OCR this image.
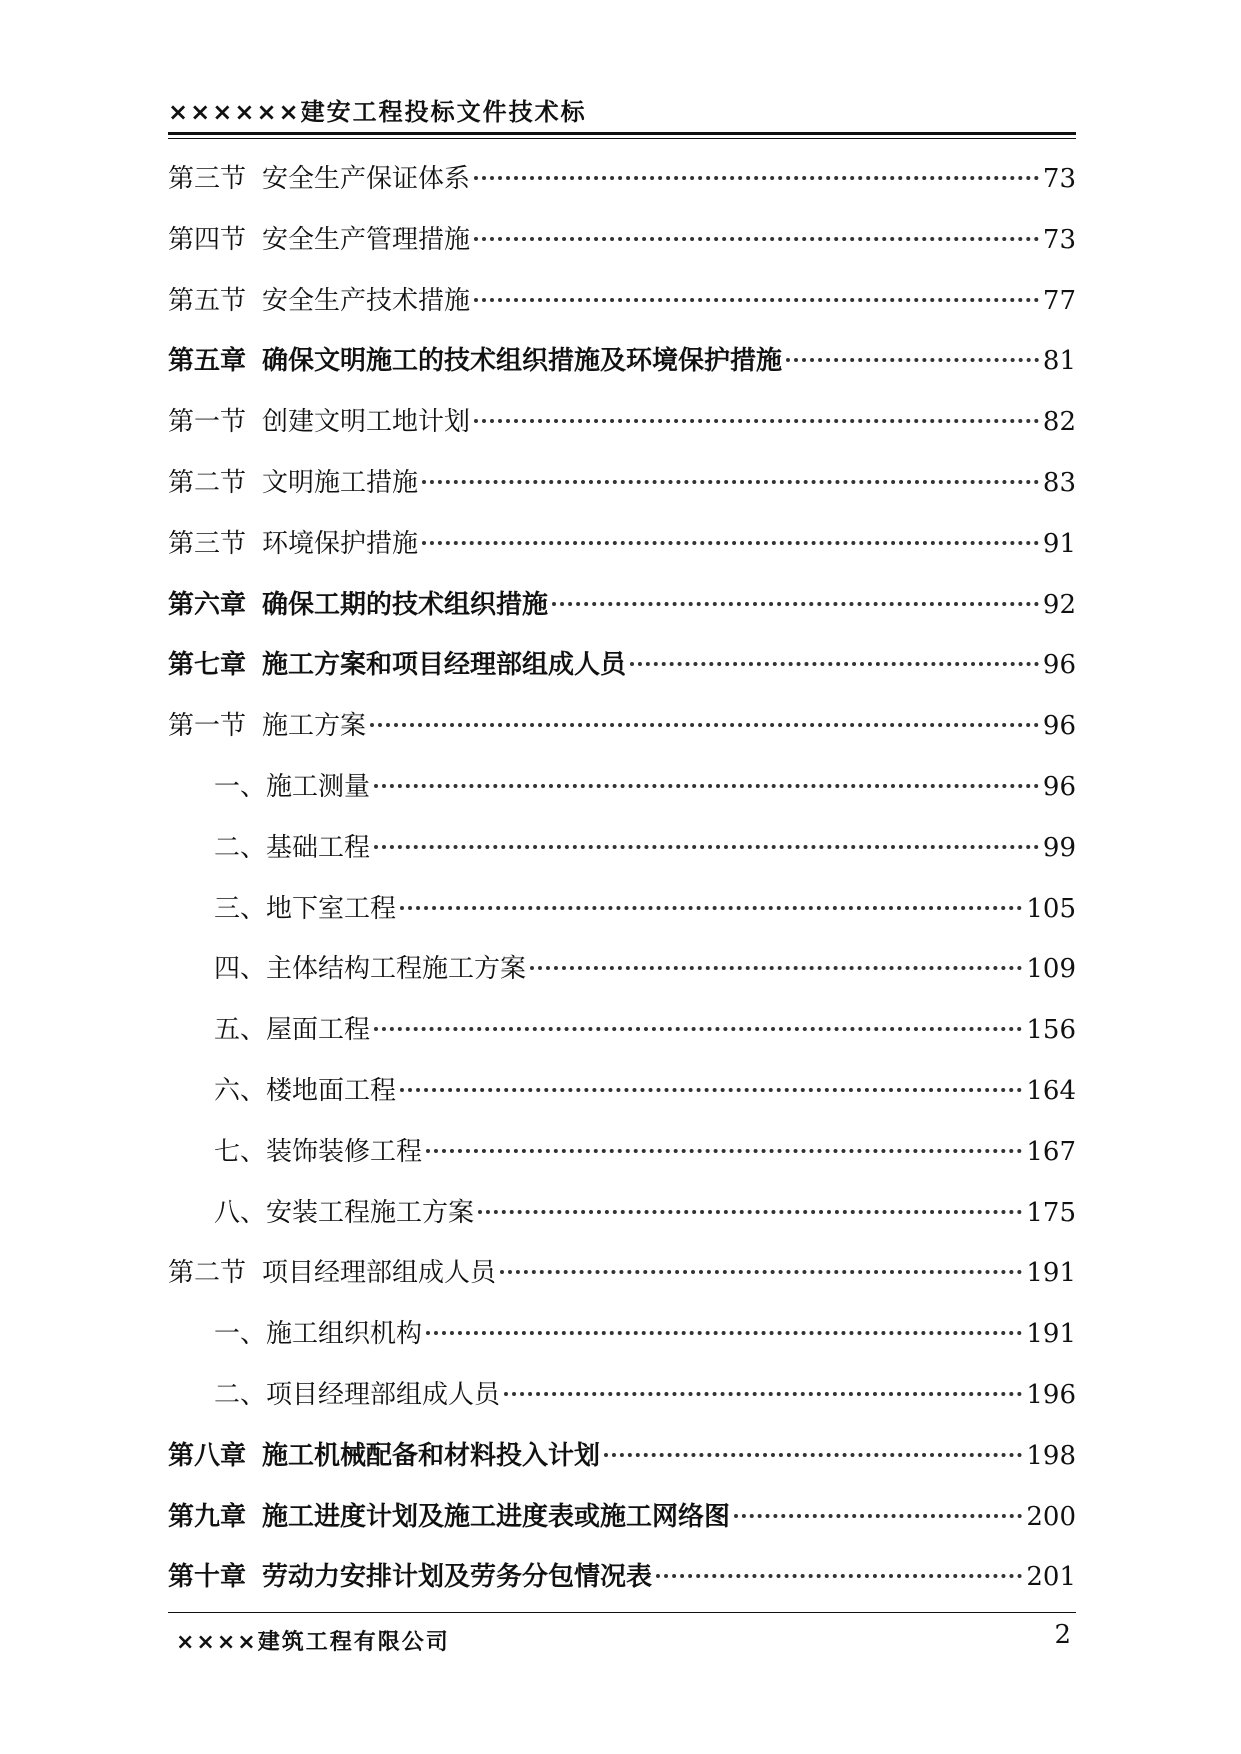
××××××建安工程投标文件技术标
第三节 安全生产保证体系	73
第四节 安全生产管理措施	73
第五节 安全生产技术措施	77
第五章 确保文明施工的技术组织措施及环境保护措施	81
第一节 创建文明工地计划	82
第二节 文明施工措施	83
第三节 环境保护措施	91
第六章 确保工期的技术组织措施	92
第七章 施工方案和项目经理部组成人员	96
第一节 施工方案	96
一、施工测量	96
二、基础工程	99
三、地下室工程	105
四、主体结构工程施工方案	109
五、屋面工程	156
六、楼地面工程	164
七、装饰装修工程	167
八、安装工程施工方案	175
第二节 项目经理部组成人员	191
一、施工组织机构	191
二、项目经理部组成人员	196
第八章 施工机械配备和材料投入计划	198
第九章 施工进度计划及施工进度表或施工网络图	200
第十章 劳动力安排计划及劳务分包情况表	201
××××建筑工程有限公司	2
